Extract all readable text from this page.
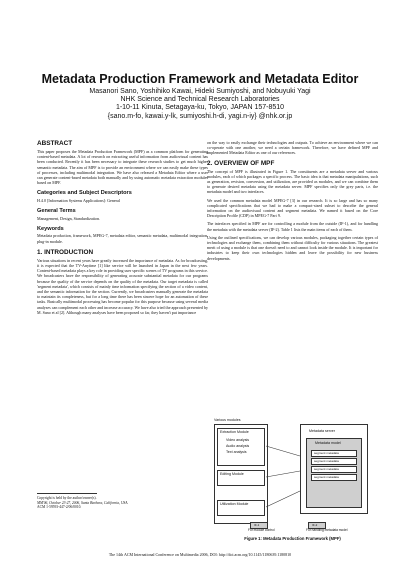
Metadata Production Framework and Metadata Editor
Masanori Sano, Yoshihiko Kawai, Hideki Sumiyoshi, and Nobuyuki Yagi
NHK Science and Technical Research Laboratories
1-10-11 Kinuta, Setagaya-ku, Tokyo, JAPAN 157-8510
{sano.m-fo, kawai.y-lk, sumiyoshi.h-di, yagi.n-iy} @nhk.or.jp
ABSTRACT

This paper proposes the Metadata Production Framework (MPF) as a common platform for generating content-based metadata. A lot of research on extracting useful information from audiovisual content has been conducted. Recently it has been necessary to integrate these research studies to get much higher semantic metadata. The aim of MPF is to provide an environment where we can easily make these types of processes, including multimodal integration. We have also released a Metadata Editor where a user can generate content-based metadata both manually and by using automatic metadata extraction modules based on MPF.

Categories and Subject Descriptors

H.4.0 [Information Systems Applications]: General

General Terms

Management, Design, Standardization.

Keywords

Metadata production, framework, MPEG-7, metadata editor, semantic metadata, multimodal integration, plug-in module.

1. INTRODUCTION

Various situations in recent years have greatly increased the importance of metadata. As for broadcasting, it is expected that the TV-Anytime [1] like service will be launched in Japan in the next few years. Content-based metadata plays a key role in providing user specific scenes of TV programs in this service. We broadcasters have the responsibility of generating accurate substantial metadata for our programs because the quality of the service depends on the quality of the metadata. Our target metadata is called 'segment metadata', which consists of mainly time information specifying the section of a video content, and the semantic information for the section. Currently, we broadcasters manually generate the metadata to maintain its completeness, but for a long time there has been sincere hope for an automation of these tasks. Basically multimodal processing has become popular for this purpose because using several media analyses can complement each other and increase accuracy. We have also tried the approach presented by M. Sano et al [2]. Although many analyses have been proposed so far, they haven't put importance

Copyright is held by the author/owner(s).
MM'06, October 23-27, 2006, Santa Barbara, California, USA.
ACM 1-59593-447-2/06/0010.

on the way to easily exchange their technologies and outputs. To achieve an environment where we can co-operate with one another, we need a certain framework. Therefore, we have defined MPF and implemented Metadata Editor as one of our references.

2. OVERVIEW OF MPF

The concept of MPF is illustrated in Figure 1. The constituents are a metadata server and various modules, each of which packages a specific process. The basic idea is that metadata manipulations, such as generation, revision, conversion, and utilization, are provided as modules, and we can combine them to generate desired metadata using the metadata server. MPF specifies only the grey parts, i.e. the metadata model and two interfaces.

We used the common metadata model MPEG-7 [3] in our research. It is so large and has so many complicated specifications that we had to make a compact-sized subset to describe the general information on the audiovisual content and segment metadata. We named it based on the Core Description Profile (CDP) in MPEG-7 Part 9.

The interfaces specified in MPF are for controlling a module from the outside (IF-1), and for handling the metadata with the metadata server (IF-2). Table 1 lists the main items of each of them.

Using the outlined specifications, we can develop various modules, packaging together certain types of technologies and exchange them, combining them without difficulty for various situations. The greatest merit of using a module is that one doesn't need to and cannot look inside the module. It is important for industries to keep their own technologies hidden and leave the possibility for new business developments.

Various modules
Extraction Module
Video analysis
Audio analysis
Text analysis
Editing Module
Utilization Module
Metadata server
Metadata model
segment metadata
segment metadata
segment metadata
segment metadata
IF-1	IF-2
For module control	For handling metadata model
Figure 1: Metadata Production Framework (MPF)
The 14th ACM International Conference on Multimedia 2006, DOI: http://doi.acm.org/10.1145/1180639.1180810
